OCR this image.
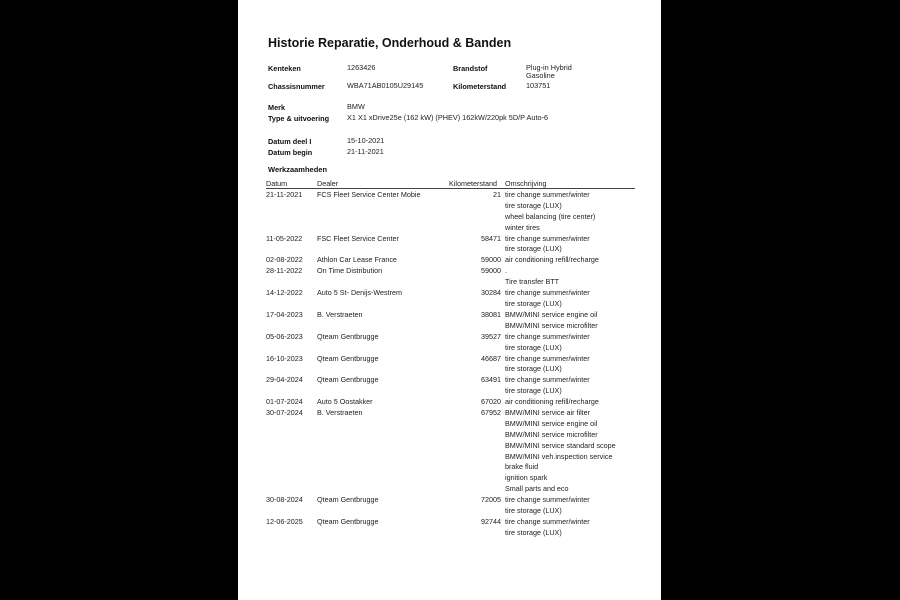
Historie Reparatie, Onderhoud & Banden
Kenteken	1263426	Brandstof	Plug-in Hybrid
Gasoline
Chassisnummer	WBA71AB0105U29145	Kilometerstand	103751
Merk	BMW
Type & uitvoering X1 X1 xDrive25e (162 kW) (PHEV) 162kW/220pk 5D/P Auto-6
Datum deel I	15-10-2021
Datum begin	21-11-2021
Werkzaamheden
Datum	Dealer	Kilometerstand Omschrijving
21-11-2021 FCS Fleet Service Center Mobie	21 tire change summer/winter
tire storage (LUX)
wheel balancing (tire center)
winter tires
11-05-2022 FSC Fleet Service Center	58471 tire change summer/winter
tire storage (LUX)
02-08-2022 Athlon Car Lease France	59000 air conditioning refill/recharge
28-11-2022 On Time Distribution	59000 .
Tire transfer BTT
14-12-2022 Auto 5 St- Denijs-Westrem	30284 tire change summer/winter
tire storage (LUX)
17-04-2023 B. Verstraeten	38081 BMW/MINI service engine oil
BMW/MINI service microfilter
05-06-2023 Qteam Gentbrugge	39527 tire change summer/winter
tire storage (LUX)
16-10-2023 Qteam Gentbrugge	46687 tire change summer/winter
tire storage (LUX)
29-04-2024 Qteam Gentbrugge	63491 tire change summer/winter
tire storage (LUX)
01-07-2024 Auto 5 Oostakker	67020 air conditioning refill/recharge
30-07-2024 B. Verstraeten	67952 BMW/MINI service air filter
BMW/MINI service engine oil
BMW/MINI service microfilter
BMW/MINI service standard scope
BMW/MINI veh.inspection service
brake fluid
ignition spark
Small parts and eco
30-08-2024 Qteam Gentbrugge	72005 tire change summer/winter
tire storage (LUX)
12-06-2025 Qteam Gentbrugge	92744 tire change summer/winter
tire storage (LUX)
